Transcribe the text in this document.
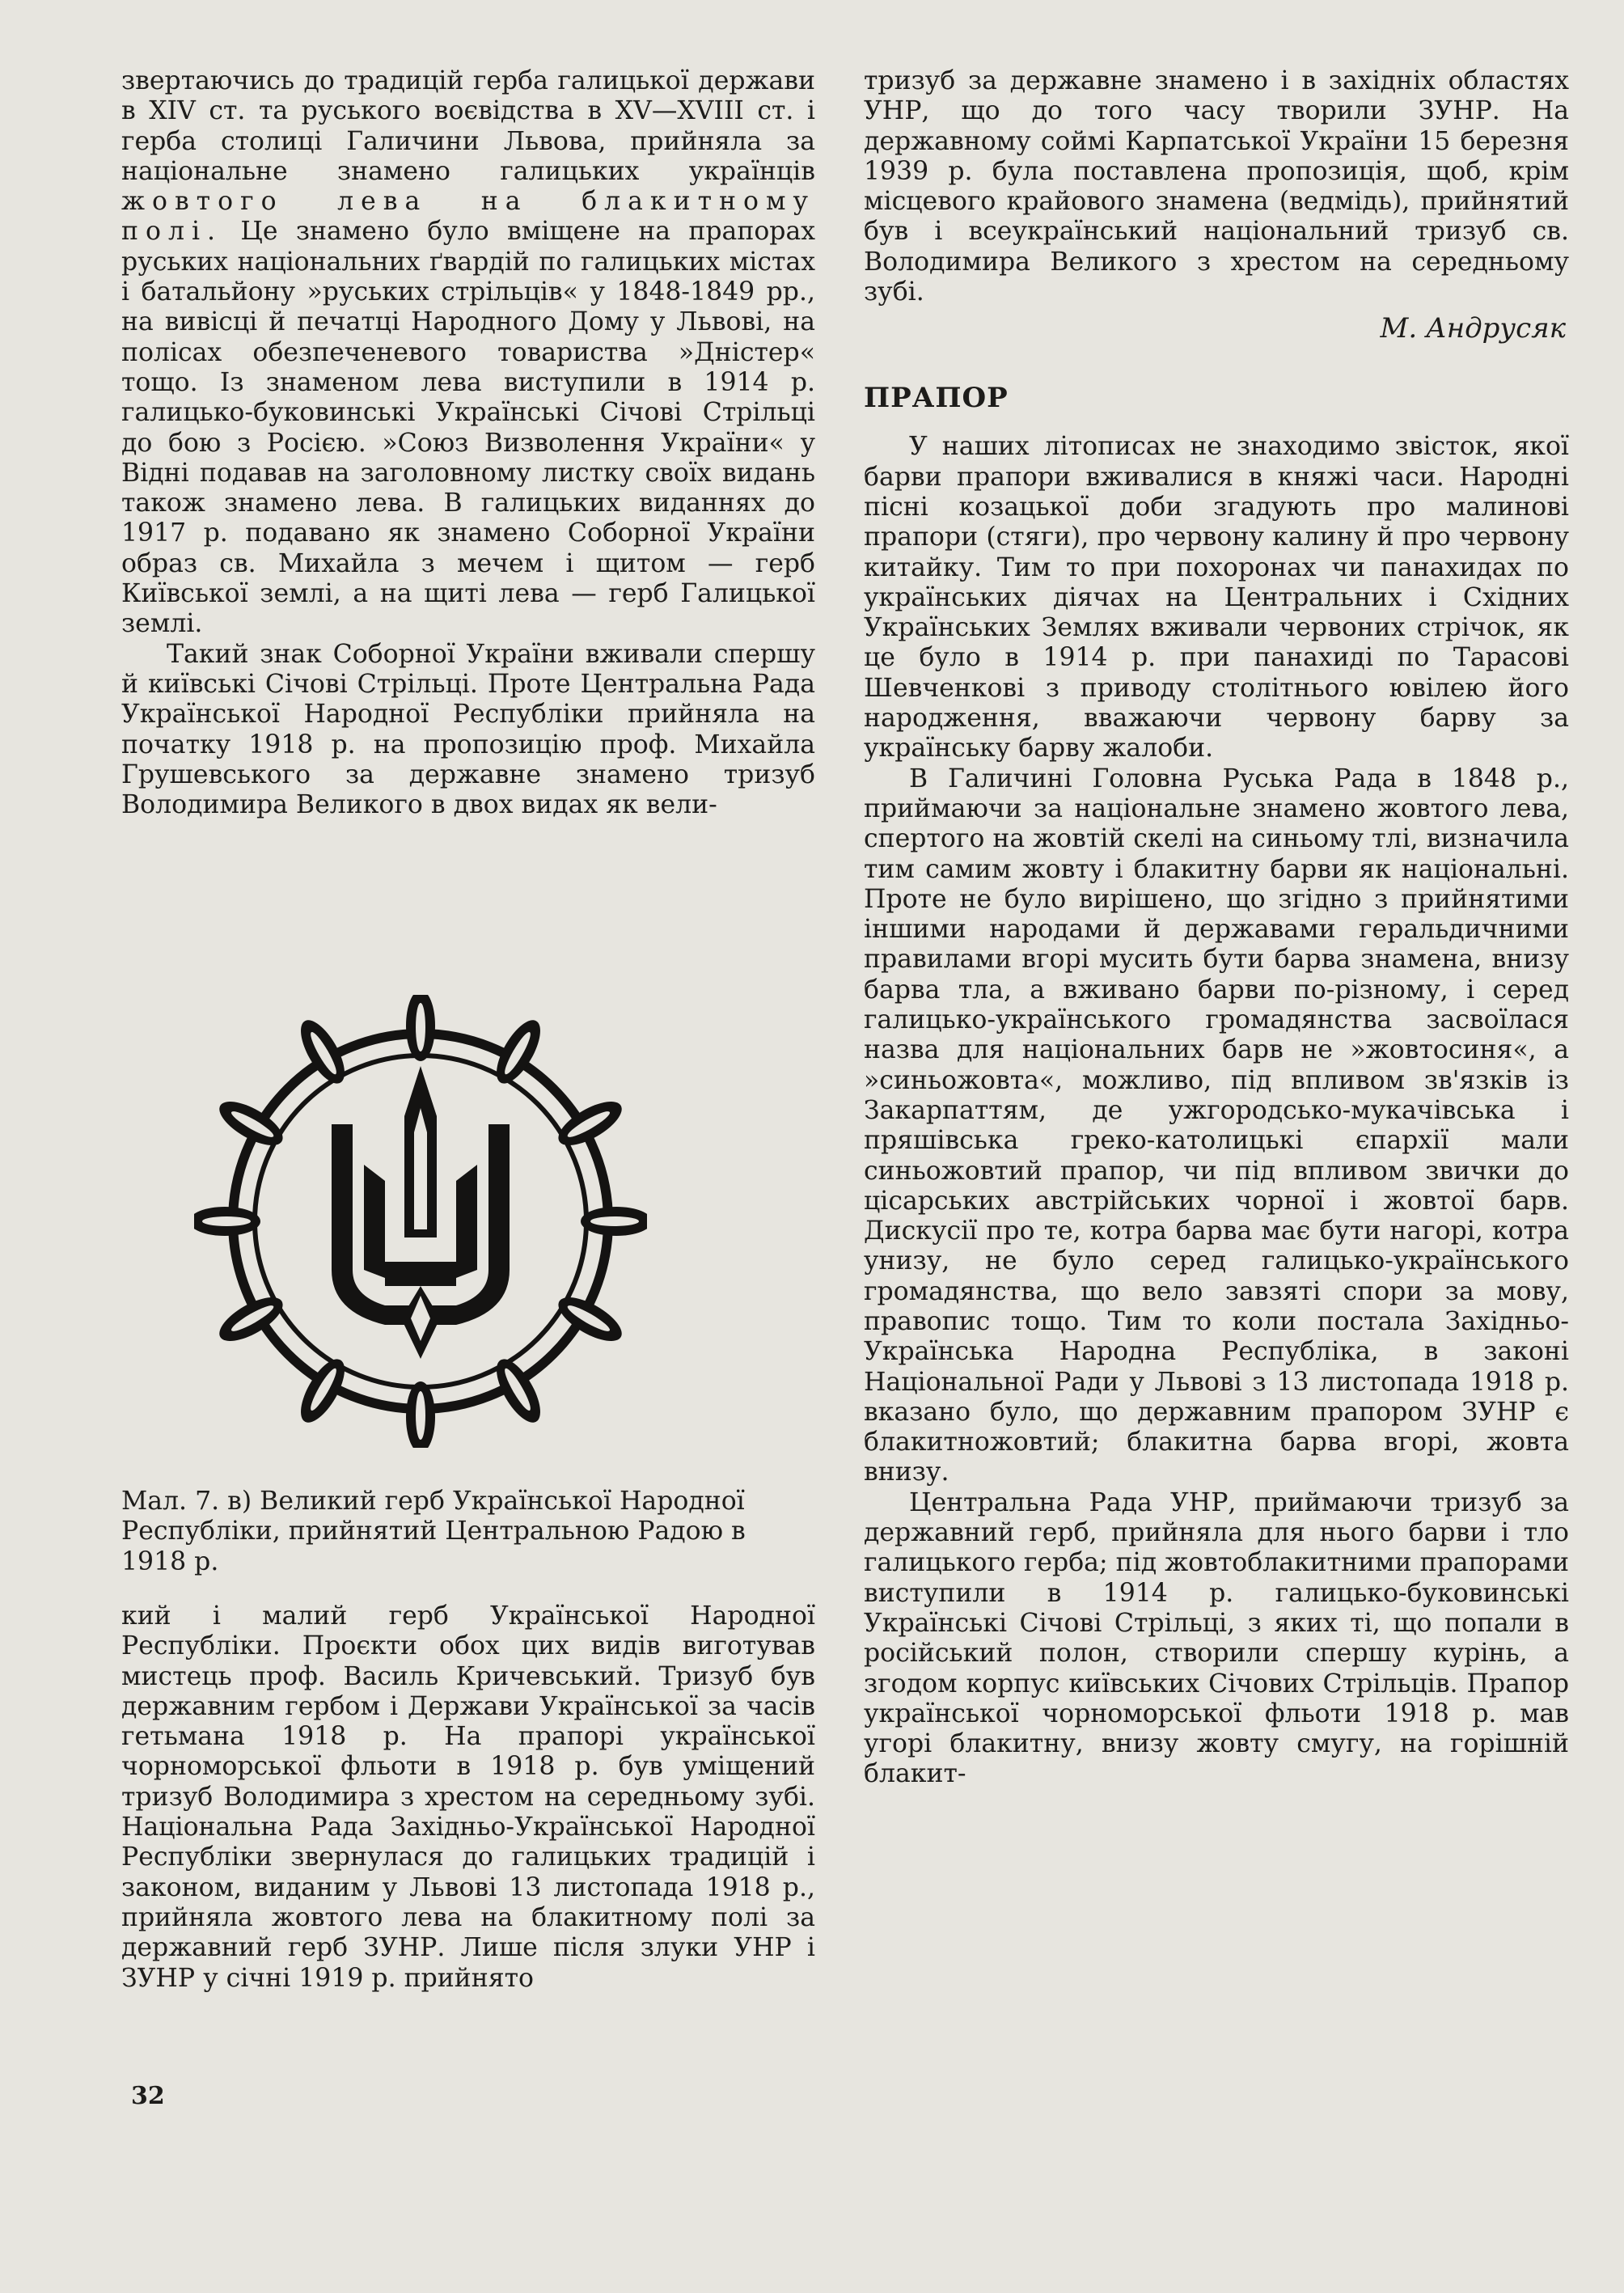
звертаючись до традицій герба галицької держави в XIV ст. та руського воєвідства в XV—XVIII ст. і герба столиці Галичини Львова, прийняла за національне знамено галицьких українців жовтого лева на блакитному полі. Це знамено було вміщене на прапорах руських національних ґвардій по галицьких містах і батальйону »руських стрільців« у 1848-1849 рр., на вивісці й печатці Народного Дому у Львові, на полісах обезпеченевого товариства »Дністер« тощо. Із знаменом лева виступили в 1914 р. галицько-буковинські Українські Січові Стрільці до бою з Росією. »Союз Визволення України« у Відні подавав на заголовному листку своїх видань також знамено лева. В галицьких виданнях до 1917 р. подавано як знамено Соборної України образ св. Михайла з мечем і щитом — герб Київської землі, а на щиті лева — герб Галицької землі.

Такий знак Соборної України вживали спершу й київські Січові Стрільці. Проте Центральна Рада Української Народної Республіки прийняла на початку 1918 р. на пропозицію проф. Михайла Грушевського за державне знамено тризуб Володимира Великого в двох видах як вели-

Мал. 7. в) Великий герб Української Народної Республіки, прийнятий Центральною Радою в 1918 р.

кий і малий герб Української Народної Республіки. Проєкти обох цих видів виготував мистець проф. Василь Кричевський. Тризуб був державним гербом і Держави Української за часів гетьмана 1918 р. На прапорі української чорноморської фльоти в 1918 р. був уміщений тризуб Володимира з хрестом на середньому зубі. Національна Рада Західньо-Української Народної Республіки звернулася до галицьких традицій і законом, виданим у Львові 13 листопада 1918 р., прийняла жовтого лева на блакитному полі за державний герб ЗУНР. Лише після злуки УНР і ЗУНР у січні 1919 р. прийнято

тризуб за державне знамено і в західніх областях УНР, що до того часу творили ЗУНР. На державному соймі Карпатської України 15 березня 1939 р. була поставлена пропозиція, щоб, крім місцевого крайового знамена (ведмідь), прийнятий був і всеукраїнський національний тризуб св. Володимира Великого з хрестом на середньому зубі.

М. Андрусяк
ПРАПОР

У наших літописах не знаходимо звісток, якої барви прапори вживалися в княжі часи. Народні пісні козацької доби згадують про малинові прапори (стяги), про червону калину й про червону китайку. Тим то при похоронах чи панахидах по українських діячах на Центральних і Східних Українських Землях вживали червоних стрічок, як це було в 1914 р. при панахиді по Тарасові Шевченкові з приводу столітнього ювілею його народження, вважаючи червону барву за українську барву жалоби.

В Галичині Головна Руська Рада в 1848 р., приймаючи за національне знамено жовтого лева, спертого на жовтій скелі на синьому тлі, визначила тим самим жовту і блакитну барви як національні. Проте не було вирішено, що згідно з прийнятими іншими народами й державами геральдичними правилами вгорі мусить бути барва знамена, внизу барва тла, а вживано барви по-різному, і серед галицько-українського громадянства засвоїлася назва для національних барв не »жовтосиня«, а »синьожовта«, можливо, під впливом зв'язків із Закарпаттям, де ужгородсько-мукачівська і пряшівська греко-католицькі єпархії мали синьожовтий прапор, чи під впливом звички до цісарських австрійських чорної і жовтої барв. Дискусії про те, котра барва має бути нагорі, котра унизу, не було серед галицько-українського громадянства, що вело завзяті спори за мову, правопис тощо. Тим то коли постала Західньо-Українська Народна Республіка, в законі Національної Ради у Львові з 13 листопада 1918 р. вказано було, що державним прапором ЗУНР є блакитножовтий; блакитна барва вгорі, жовта внизу.

Центральна Рада УНР, приймаючи тризуб за державний герб, прийняла для нього барви і тло галицького герба; під жовтоблакитними прапорами виступили в 1914 р. галицько-буковинські Українські Січові Стрільці, з яких ті, що попали в російський полон, створили спершу курінь, а згодом корпус київських Січових Стрільців. Прапор української чорноморської фльоти 1918 р. мав угорі блакитну, внизу жовту смугу, на горішній блакит-

32
